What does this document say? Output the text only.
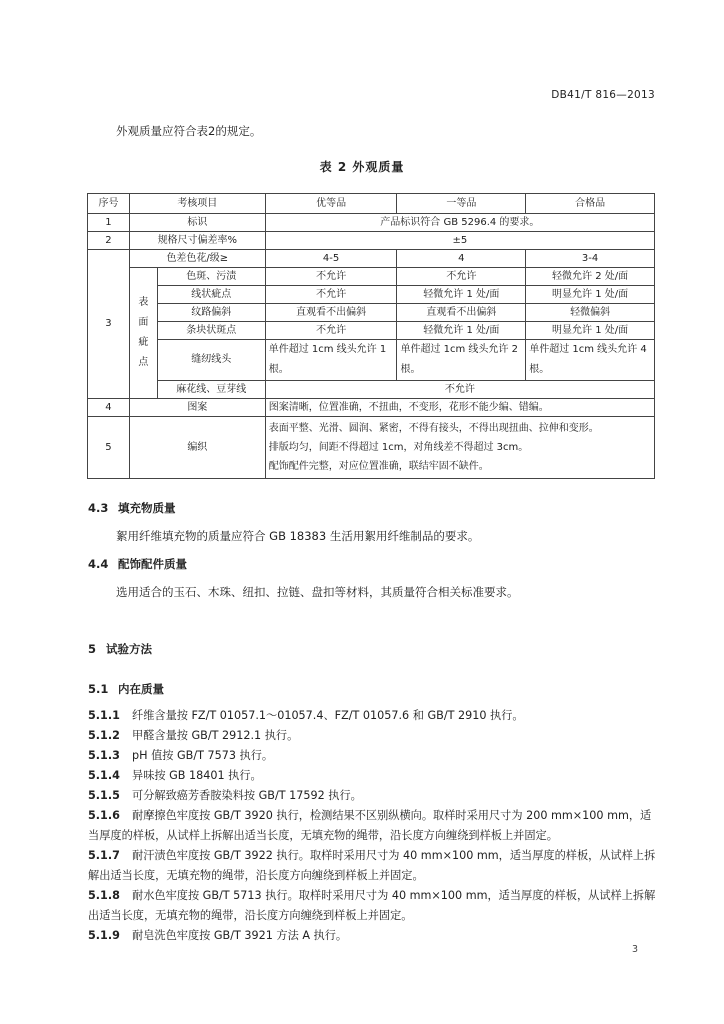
DB41/T 816—2013
外观质量应符合表2的规定。
表 2 外观质量
序号	考核项目		优等品	一等品	合格品
1	标识		产品标识符合 GB 5296.4 的要求。		
2	规格尺寸偏差率%		±5		
3	色差色花/级≥		4-5	4	3-4
	表面疵点	色斑、污渍	不允许	不允许	轻微允许 2 处/面
		线状疵点	不允许	轻微允许 1 处/面	明显允许 1 处/面
		纹路偏斜	直观看不出偏斜	直观看不出偏斜	轻微偏斜
		条块状斑点	不允许	轻微允许 1 处/面	明显允许 1 处/面
		缝纫线头	单件超过 1cm 线头允许 1 根。	单件超过 1cm 线头允许 2 根。	单件超过 1cm 线头允许 4 根。
		麻花线、豆芽线	不允许		
4	图案		图案清晰，位置准确，不扭曲，不变形，花形不能少编、错编。		
5	编织		表面平整、光滑、圆润、紧密，不得有接头，不得出现扭曲、拉伸和变形。
排版均匀，间距不得超过 1cm，对角线差不得超过 3cm。
配饰配件完整，对应位置准确，联结牢固不缺件。		
4.3 填充物质量
絮用纤维填充物的质量应符合 GB 18383 生活用絮用纤维制品的要求。
4.4 配饰配件质量
选用适合的玉石、木珠、纽扣、拉链、盘扣等材料，其质量符合相关标准要求。
5 试验方法
5.1 内在质量
5.1.1 纤维含量按 FZ/T 01057.1～01057.4、FZ/T 01057.6 和 GB/T 2910 执行。
5.1.2 甲醛含量按 GB/T 2912.1 执行。
5.1.3 pH 值按 GB/T 7573 执行。
5.1.4 异味按 GB 18401 执行。
5.1.5 可分解致癌芳香胺染料按 GB/T 17592 执行。
5.1.6 耐摩擦色牢度按 GB/T 3920 执行，检测结果不区别纵横向。取样时采用尺寸为 200 mm×100 mm，适当厚度的样板，从试样上拆解出适当长度，无填充物的绳带，沿长度方向缠绕到样板上并固定。
5.1.7 耐汗渍色牢度按 GB/T 3922 执行。取样时采用尺寸为 40 mm×100 mm，适当厚度的样板，从试样上拆解出适当长度，无填充物的绳带，沿长度方向缠绕到样板上并固定。
5.1.8 耐水色牢度按 GB/T 5713 执行。取样时采用尺寸为 40 mm×100 mm，适当厚度的样板，从试样上拆解出适当长度，无填充物的绳带，沿长度方向缠绕到样板上并固定。
5.1.9 耐皂洗色牢度按 GB/T 3921 方法 A 执行。
3
